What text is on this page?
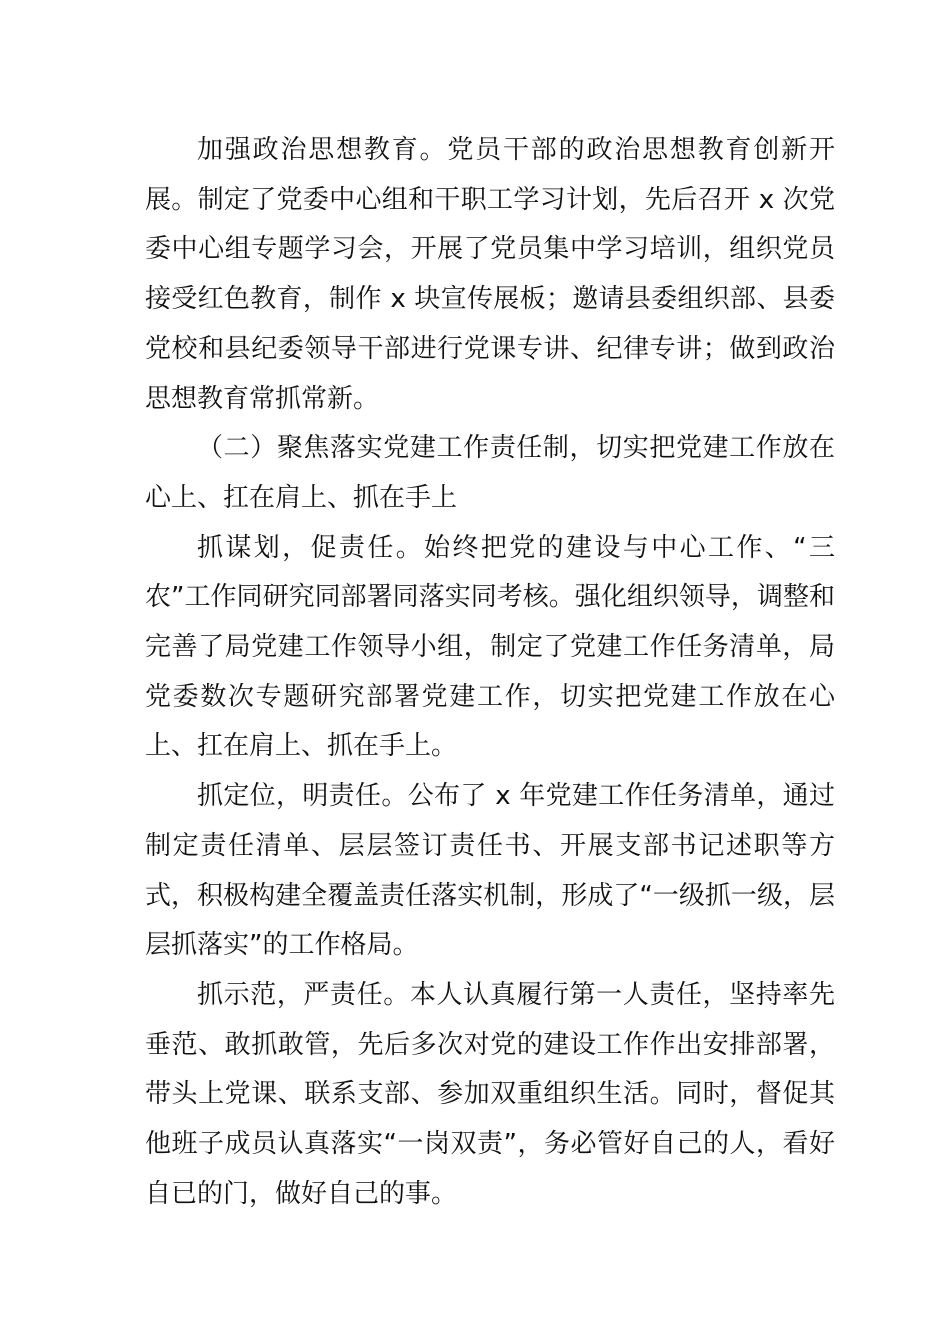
加强政治思想教育。党员干部的政治思想教育创新开展。制定了党委中心组和干职工学习计划，先后召开 x 次党委中心组专题学习会，开展了党员集中学习培训，组织党员接受红色教育，制作 x 块宣传展板；邀请县委组织部、县委党校和县纪委领导干部进行党课专讲、纪律专讲；做到政治思想教育常抓常新。

（二）聚焦落实党建工作责任制，切实把党建工作放在心上、扛在肩上、抓在手上

抓谋划，促责任。始终把党的建设与中心工作、“三农”工作同研究同部署同落实同考核。强化组织领导，调整和完善了局党建工作领导小组，制定了党建工作任务清单，局党委数次专题研究部署党建工作，切实把党建工作放在心上、扛在肩上、抓在手上。

抓定位，明责任。公布了 x 年党建工作任务清单，通过制定责任清单、层层签订责任书、开展支部书记述职等方式，积极构建全覆盖责任落实机制，形成了“一级抓一级，层层抓落实”的工作格局。

抓示范，严责任。本人认真履行第一人责任，坚持率先垂范、敢抓敢管，先后多次对党的建设工作作出安排部署，带头上党课、联系支部、参加双重组织生活。同时，督促其他班子成员认真落实“一岗双责”，务必管好自己的人，看好自已的门，做好自己的事。
